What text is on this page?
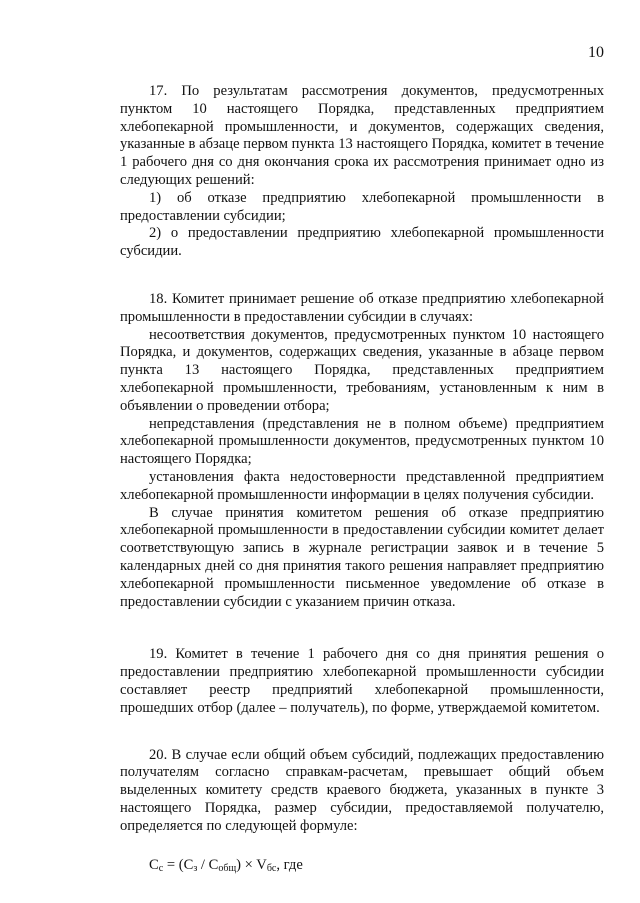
10

17. По результатам рассмотрения документов, предусмотренных пунктом 10 настоящего Порядка, представленных предприятием хлебопекарной промышленности, и документов, содержащих сведения, указанные в абзаце первом пункта 13 настоящего Порядка, комитет в течение 1 рабочего дня со дня окончания срока их рассмотрения принимает одно из следующих решений:

1) об отказе предприятию хлебопекарной промышленности в предоставлении субсидии;

2) о предоставлении предприятию хлебопекарной промышленности субсидии.

18. Комитет принимает решение об отказе предприятию хлебопекарной промышленности в предоставлении субсидии в случаях:

несоответствия документов, предусмотренных пунктом 10 настоящего Порядка, и документов, содержащих сведения, указанные в абзаце первом пункта 13 настоящего Порядка, представленных предприятием хлебопекарной промышленности, требованиям, установленным к ним в объявлении о проведении отбора;

непредставления (представления не в полном объеме) предприятием хлебопекарной промышленности документов, предусмотренных пунктом 10 настоящего Порядка;

установления факта недостоверности представленной предприятием хлебопекарной промышленности информации в целях получения субсидии.

В случае принятия комитетом решения об отказе предприятию хлебопекарной промышленности в предоставлении субсидии комитет делает соответствующую запись в журнале регистрации заявок и в течение 5 календарных дней со дня принятия такого решения направляет предприятию хлебопекарной промышленности письменное уведомление об отказе в предоставлении субсидии с указанием причин отказа.

19. Комитет в течение 1 рабочего дня со дня принятия решения о предоставлении предприятию хлебопекарной промышленности субсидии составляет реестр предприятий хлебопекарной промышленности, прошедших отбор (далее – получатель), по форме, утверждаемой комитетом.

20. В случае если общий объем субсидий, подлежащих предоставлению получателям согласно справкам-расчетам, превышает общий объем выделенных комитету средств краевого бюджета, указанных в пункте 3 настоящего Порядка, размер субсидии, предоставляемой получателю, определяется по следующей формуле:

$C_c = (C_з / C_{общ}) \times V_{бс}$, где
